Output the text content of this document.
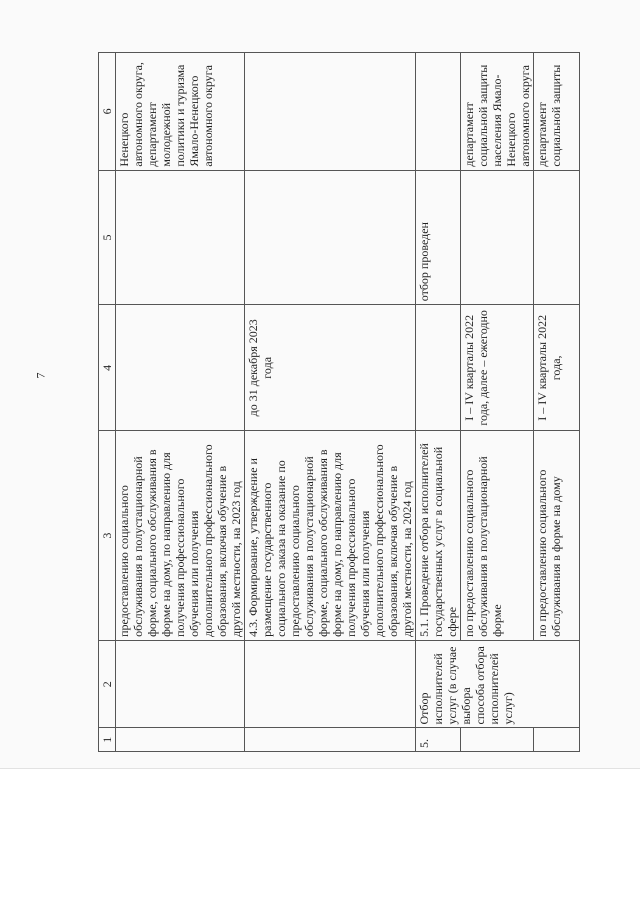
7
1	2	3	4	5	6
		предоставлению социального обслуживания в полустационарной форме, социального обслуживания в форме на дому, по направлению для получения профессионального обучения или получения дополнительного профессионального образования, включая обучение в другой местности, на 2023 год			Ненецкого автономного округа, департамент молодежной политики и туризма Ямало-Ненецкого автономного округа
		4.3. Формирование, утверждение и размещение государственного социального заказа на оказание по предоставлению социального обслуживания в полустационарной форме, социального обслуживания в форме на дому, по направлению для получения профессионального обучения или получения дополнительного профессионального образования, включая обучение в другой местности, на 2024 год	до 31 декабря 2023 года		
5.	Отбор исполнителей услуг (в случае выбора способа отбора исполнителей услуг)	5.1. Проведение отбора исполнителей государственных услуг в социальной сфере		отбор проведен	
		по предоставлению социального обслуживания в полустационарной форме	I – IV кварталы 2022 года, далее – ежегодно		департамент социальной защиты населения Ямало-Ненецкого автономного округа
		по предоставлению социального обслуживания в форме на дому	I – IV кварталы 2022 года,		департамент социальной защиты
